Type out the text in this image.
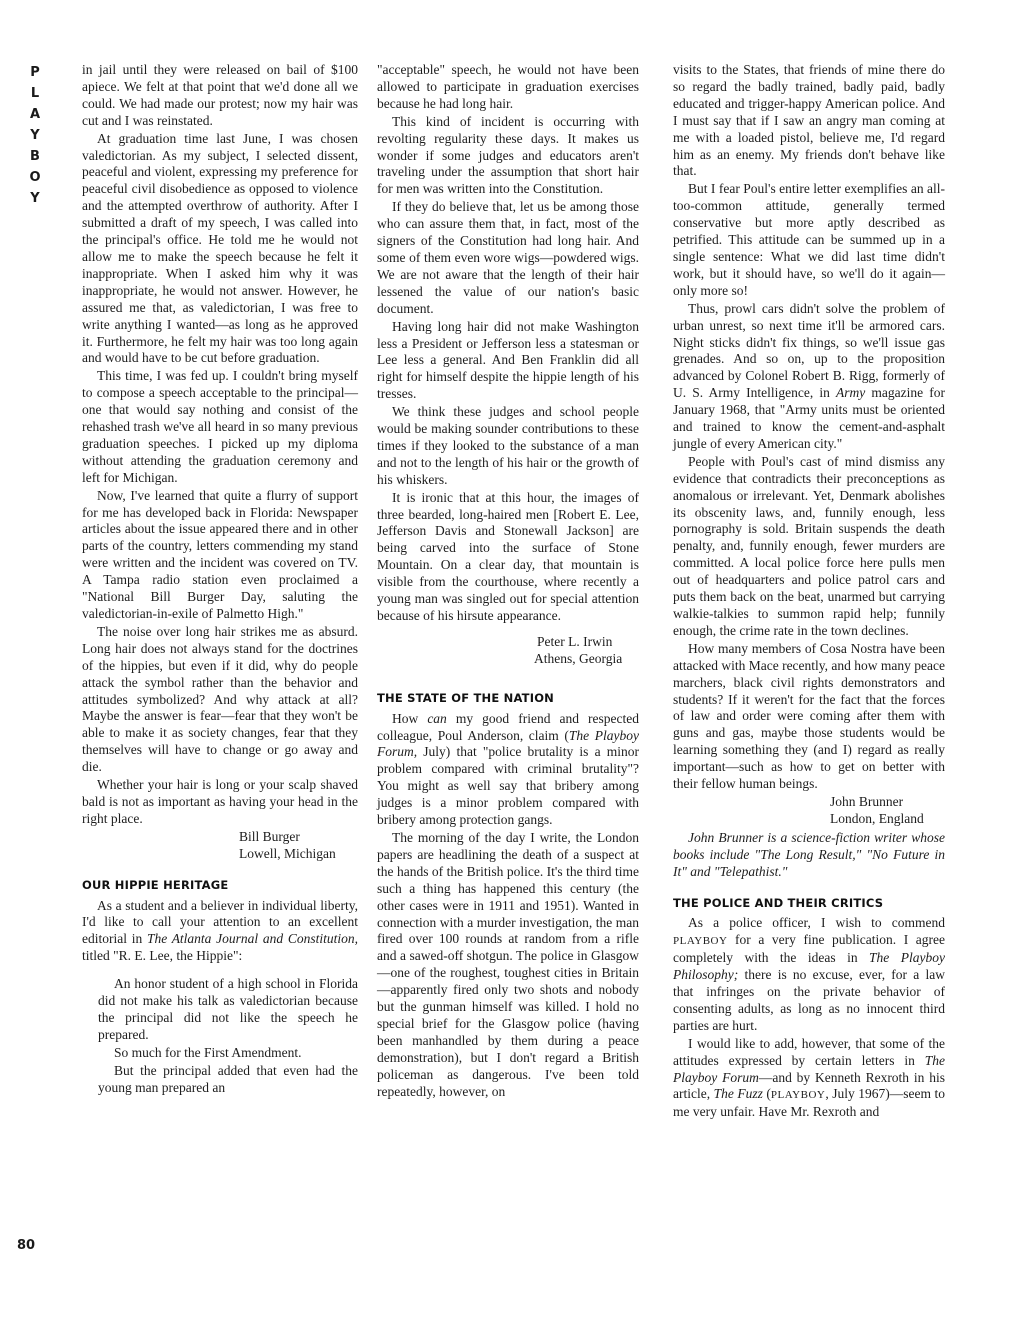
P
L
A
Y
B
O
Y
80

in jail until they were released on bail of $100 apiece. We felt at that point that we'd done all we could. We had made our protest; now my hair was cut and I was reinstated.

At graduation time last June, I was chosen valedictorian. As my subject, I selected dissent, peaceful and violent, expressing my preference for peaceful civil disobedience as opposed to violence and the attempted overthrow of authority. After I submitted a draft of my speech, I was called into the principal's office. He told me he would not allow me to make the speech because he felt it inappropriate. When I asked him why it was inappropriate, he would not answer. However, he assured me that, as valedictorian, I was free to write anything I wanted—as long as he approved it. Furthermore, he felt my hair was too long again and would have to be cut before graduation.

This time, I was fed up. I couldn't bring myself to compose a speech acceptable to the principal—one that would say nothing and consist of the rehashed trash we've all heard in so many previous graduation speeches. I picked up my diploma without attending the graduation ceremony and left for Michigan.

Now, I've learned that quite a flurry of support for me has developed back in Florida: Newspaper articles about the issue appeared there and in other parts of the country, letters commending my stand were written and the incident was covered on TV. A Tampa radio station even proclaimed a "National Bill Burger Day, saluting the valedictorian-in-exile of Palmetto High."

The noise over long hair strikes me as absurd. Long hair does not always stand for the doctrines of the hippies, but even if it did, why do people attack the symbol rather than the behavior and attitudes symbolized? And why attack at all? Maybe the answer is fear—fear that they won't be able to make it as society changes, fear that they themselves will have to change or go away and die.

Whether your hair is long or your scalp shaved bald is not as important as having your head in the right place.

Bill Burger
Lowell, Michigan
OUR HIPPIE HERITAGE

As a student and a believer in individual liberty, I'd like to call your attention to an excellent editorial in The Atlanta Journal and Constitution, titled "R. E. Lee, the Hippie":

An honor student of a high school in Florida did not make his talk as valedictorian because the principal did not like the speech he prepared.

So much for the First Amendment.

But the principal added that even had the young man prepared an

"acceptable" speech, he would not have been allowed to participate in graduation exercises because he had long hair.

This kind of incident is occurring with revolting regularity these days. It makes us wonder if some judges and educators aren't traveling under the assumption that short hair for men was written into the Constitution.

If they do believe that, let us be among those who can assure them that, in fact, most of the signers of the Constitution had long hair. And some of them even wore wigs—powdered wigs. We are not aware that the length of their hair lessened the value of our nation's basic document.

Having long hair did not make Washington less a President or Jefferson less a statesman or Lee less a general. And Ben Franklin did all right for himself despite the hippie length of his tresses.

We think these judges and school people would be making sounder contributions to these times if they looked to the substance of a man and not to the length of his hair or the growth of his whiskers.

It is ironic that at this hour, the images of three bearded, long-haired men [Robert E. Lee, Jefferson Davis and Stonewall Jackson] are being carved into the surface of Stone Mountain. On a clear day, that mountain is visible from the courthouse, where recently a young man was singled out for special attention because of his hirsute appearance.

Peter L. Irwin
Athens, Georgia
THE STATE OF THE NATION

How can my good friend and respected colleague, Poul Anderson, claim (The Playboy Forum, July) that "police brutality is a minor problem compared with criminal brutality"? You might as well say that bribery among judges is a minor problem compared with bribery among protection gangs.

The morning of the day I write, the London papers are headlining the death of a suspect at the hands of the British police. It's the third time such a thing has happened this century (the other cases were in 1911 and 1951). Wanted in connection with a murder investigation, the man fired over 100 rounds at random from a rifle and a sawed-off shotgun. The police in Glasgow—one of the roughest, toughest cities in Britain—apparently fired only two shots and nobody but the gunman himself was killed. I hold no special brief for the Glasgow police (having been manhandled by them during a peace demonstration), but I don't regard a British policeman as dangerous. I've been told repeatedly, however, on

visits to the States, that friends of mine there do so regard the badly trained, badly paid, badly educated and trigger-happy American police. And I must say that if I saw an angry man coming at me with a loaded pistol, believe me, I'd regard him as an enemy. My friends don't behave like that.

But I fear Poul's entire letter exemplifies an all-too-common attitude, generally termed conservative but more aptly described as petrified. This attitude can be summed up in a single sentence: What we did last time didn't work, but it should have, so we'll do it again—only more so!

Thus, prowl cars didn't solve the problem of urban unrest, so next time it'll be armored cars. Night sticks didn't fix things, so we'll issue gas grenades. And so on, up to the proposition advanced by Colonel Robert B. Rigg, formerly of U. S. Army Intelligence, in Army magazine for January 1968, that "Army units must be oriented and trained to know the cement-and-asphalt jungle of every American city."

People with Poul's cast of mind dismiss any evidence that contradicts their preconceptions as anomalous or irrelevant. Yet, Denmark abolishes its obscenity laws, and, funnily enough, less pornography is sold. Britain suspends the death penalty, and, funnily enough, fewer murders are committed. A local police force here pulls men out of headquarters and police patrol cars and puts them back on the beat, unarmed but carrying walkie-talkies to summon rapid help; funnily enough, the crime rate in the town declines.

How many members of Cosa Nostra have been attacked with Mace recently, and how many peace marchers, black civil rights demonstrators and students? If it weren't for the fact that the forces of law and order were coming after them with guns and gas, maybe those students would be learning something they (and I) regard as really important—such as how to get on better with their fellow human beings.

John Brunner
London, England

John Brunner is a science-fiction writer whose books include "The Long Result," "No Future in It" and "Telepathist."

THE POLICE AND THEIR CRITICS

As a police officer, I wish to commend PLAYBOY for a very fine publication. I agree completely with the ideas in The Playboy Philosophy; there is no excuse, ever, for a law that infringes on the private behavior of consenting adults, as long as no innocent third parties are hurt.

I would like to add, however, that some of the attitudes expressed by certain letters in The Playboy Forum—and by Kenneth Rexroth in his article, The Fuzz (PLAYBOY, July 1967)—seem to me very unfair. Have Mr. Rexroth and
